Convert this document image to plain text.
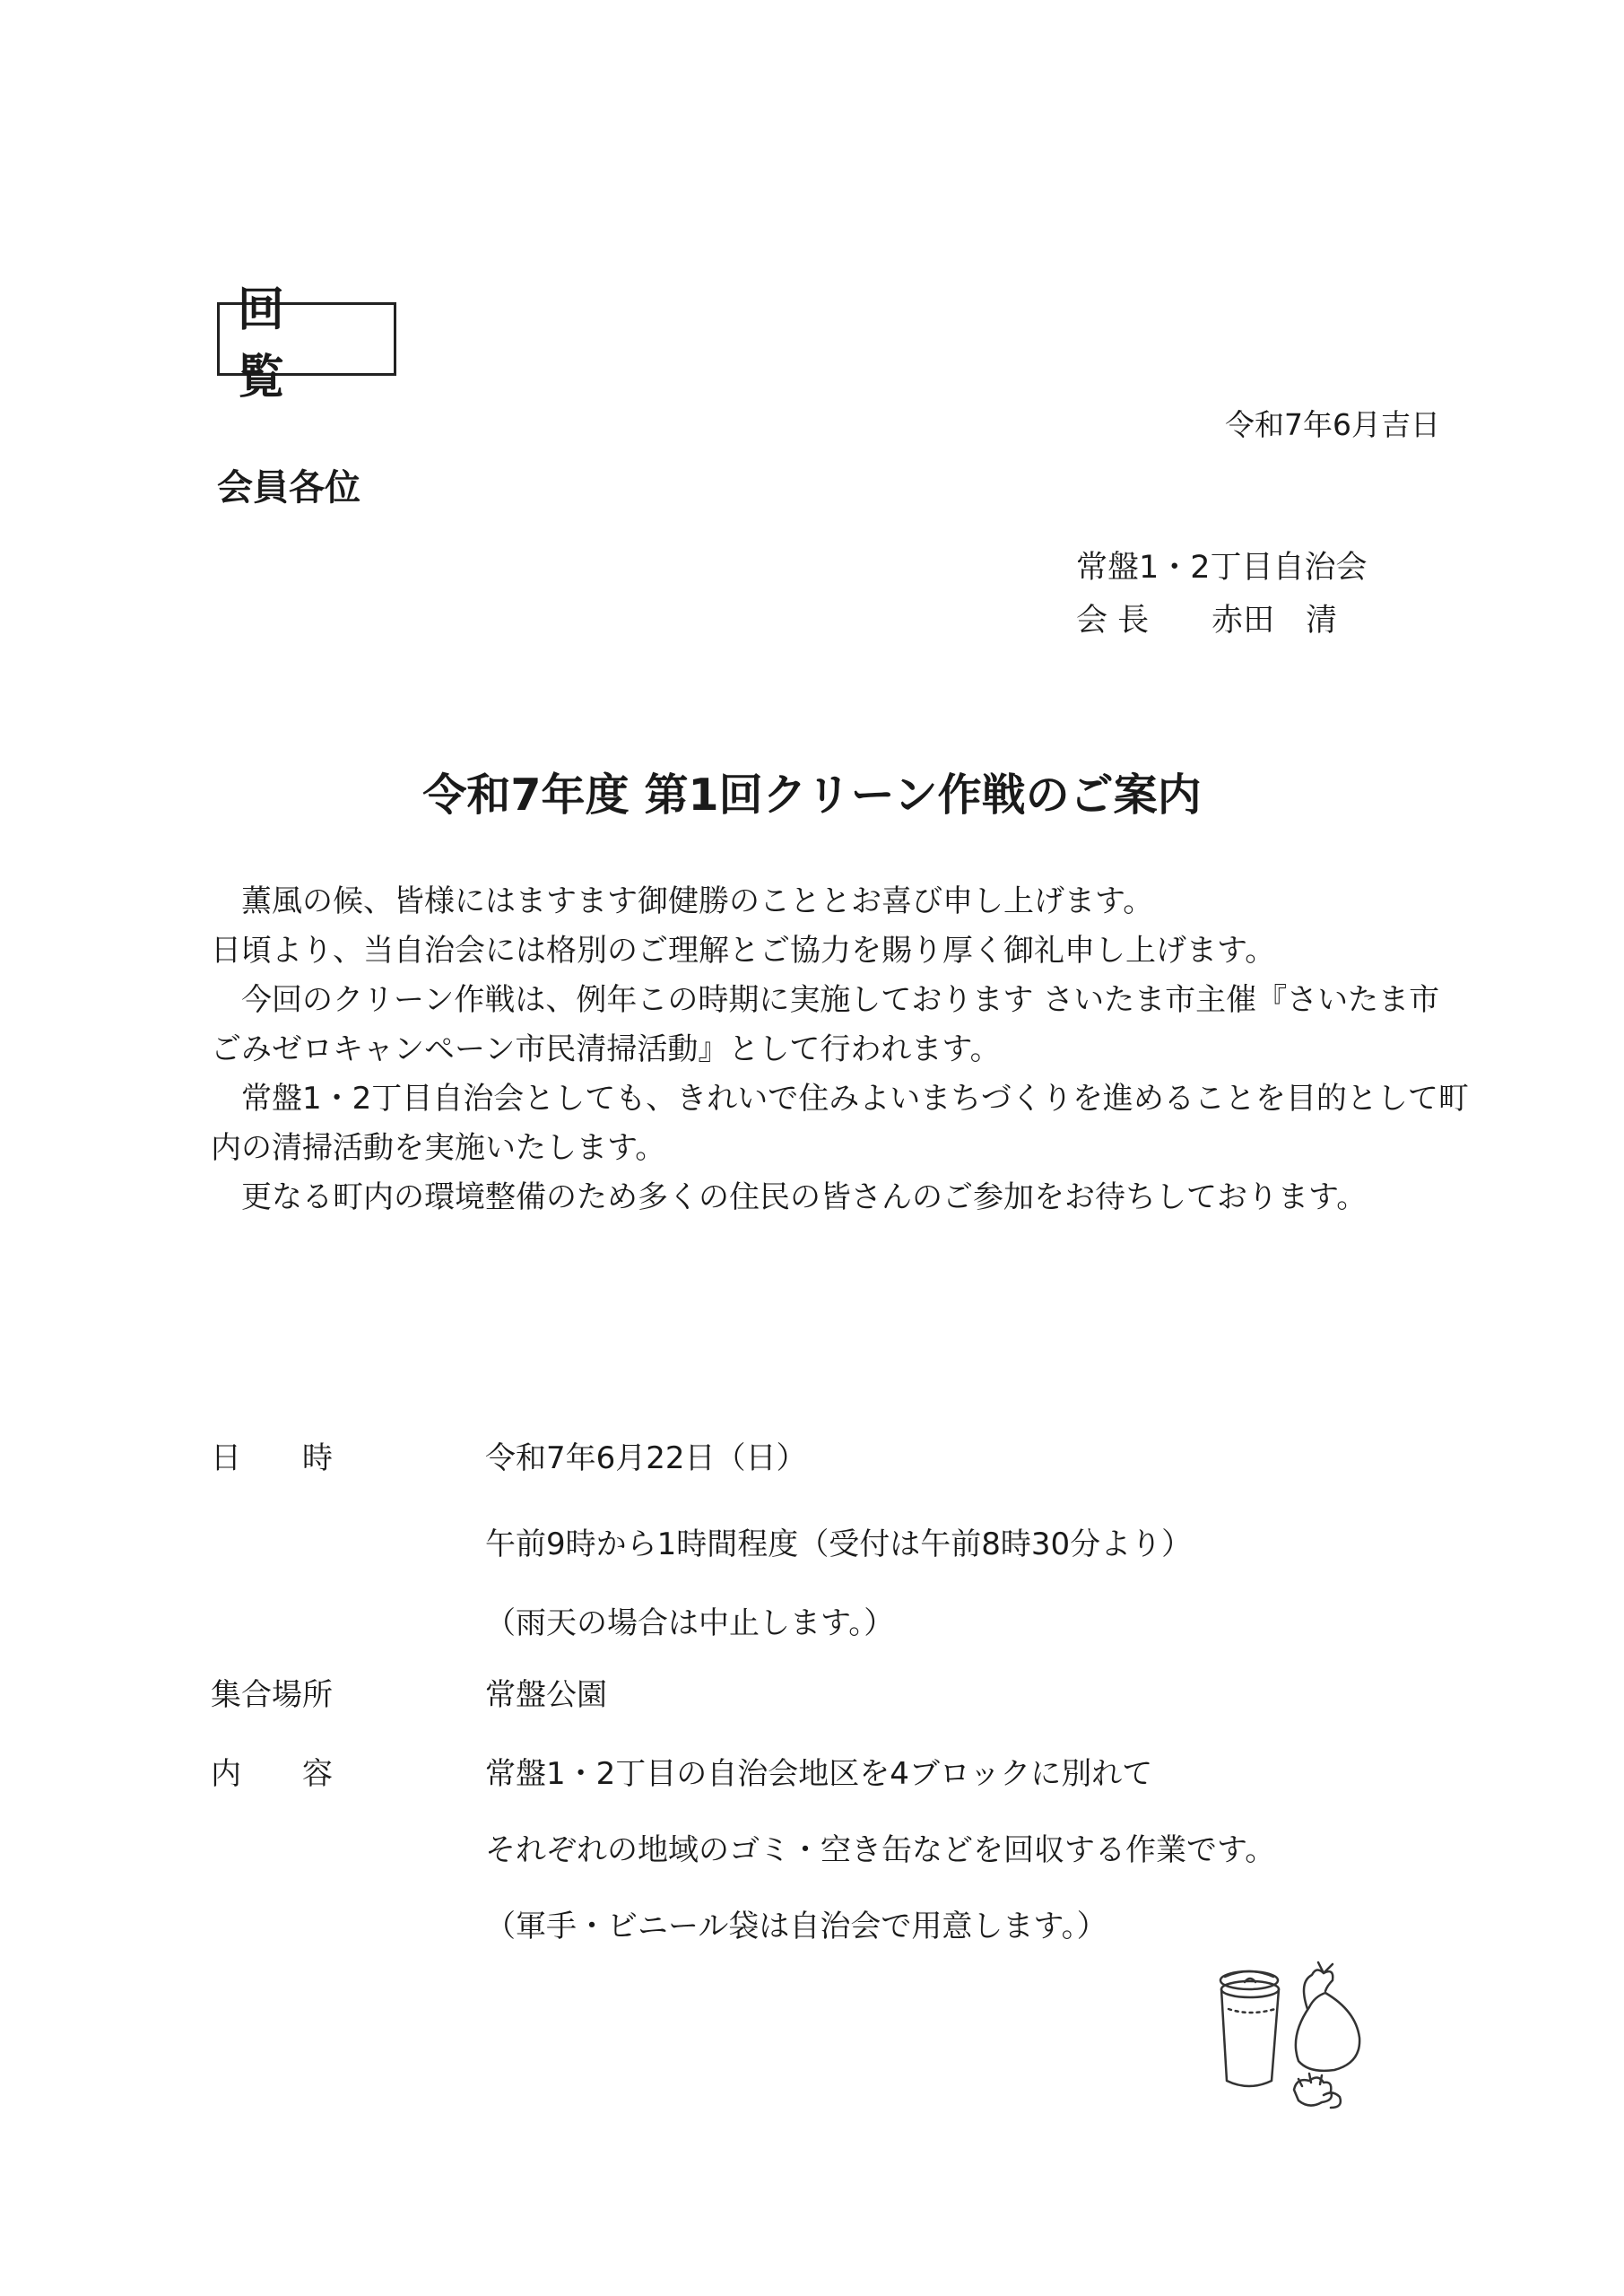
回 覧
令和7年6月吉日
会員各位
常盤1・2丁目自治会
会 長　　赤田　清
令和7年度 第1回クリーン作戦のご案内

　薫風の候、皆様にはますます御健勝のこととお喜び申し上げます。

日頃より、当自治会には格別のご理解とご協力を賜り厚く御礼申し上げます。

　今回のクリーン作戦は、例年この時期に実施しております さいたま市主催『さいたま市

ごみゼロキャンペーン市民清掃活動』として行われます。

　常盤1・2丁目自治会としても、きれいで住みよいまちづくりを進めることを目的として町

内の清掃活動を実施いたします。

　更なる町内の環境整備のため多くの住民の皆さんのご参加をお待ちしております。

日　　時	令和7年6月22日（日）
午前9時から1時間程度（受付は午前8時30分より）
（雨天の場合は中止します。）
集合場所	常盤公園
内　　容	常盤1・2丁目の自治会地区を4ブロックに別れて
それぞれの地域のゴミ・空き缶などを回収する作業です。
（軍手・ビニール袋は自治会で用意します。）
